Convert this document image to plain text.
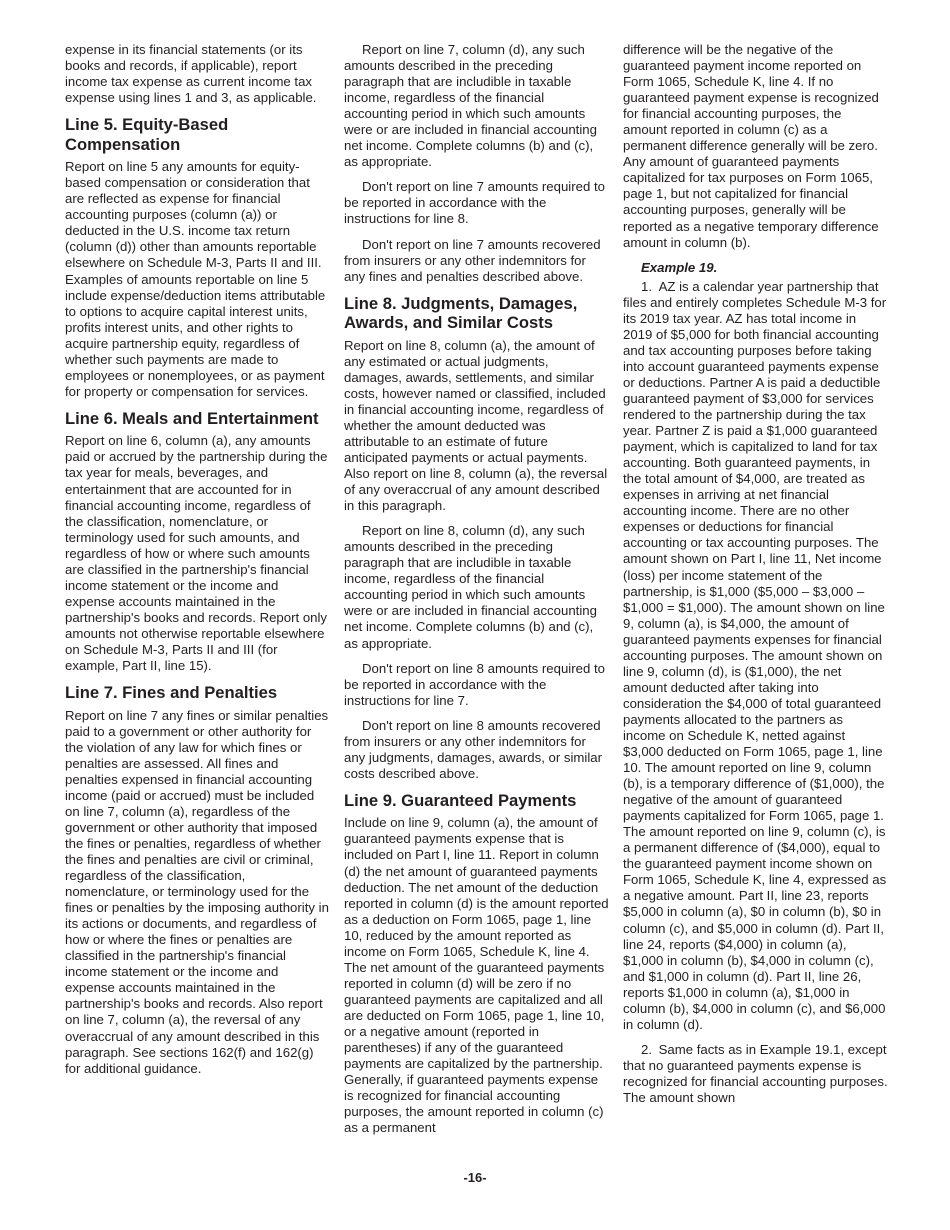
expense in its financial statements (or its books and records, if applicable), report income tax expense as current income tax expense using lines 1 and 3, as applicable.

Line 5. Equity-Based Compensation

Report on line 5 any amounts for equity-based compensation or consideration that are reflected as expense for financial accounting purposes (column (a)) or deducted in the U.S. income tax return (column (d)) other than amounts reportable elsewhere on Schedule M-3, Parts II and III. Examples of amounts reportable on line 5 include expense/deduction items attributable to options to acquire capital interest units, profits interest units, and other rights to acquire partnership equity, regardless of whether such payments are made to employees or nonemployees, or as payment for property or compensation for services.

Line 6. Meals and Entertainment

Report on line 6, column (a), any amounts paid or accrued by the partnership during the tax year for meals, beverages, and entertainment that are accounted for in financial accounting income, regardless of the classification, nomenclature, or terminology used for such amounts, and regardless of how or where such amounts are classified in the partnership's financial income statement or the income and expense accounts maintained in the partnership's books and records. Report only amounts not otherwise reportable elsewhere on Schedule M-3, Parts II and III (for example, Part II, line 15).

Line 7. Fines and Penalties

Report on line 7 any fines or similar penalties paid to a government or other authority for the violation of any law for which fines or penalties are assessed. All fines and penalties expensed in financial accounting income (paid or accrued) must be included on line 7, column (a), regardless of the government or other authority that imposed the fines or penalties, regardless of whether the fines and penalties are civil or criminal, regardless of the classification, nomenclature, or terminology used for the fines or penalties by the imposing authority in its actions or documents, and regardless of how or where the fines or penalties are classified in the partnership's financial income statement or the income and expense accounts maintained in the partnership's books and records. Also report on line 7, column (a), the reversal of any overaccrual of any amount described in this paragraph. See sections 162(f) and 162(g) for additional guidance.

Report on line 7, column (d), any such amounts described in the preceding paragraph that are includible in taxable income, regardless of the financial accounting period in which such amounts were or are included in financial accounting net income. Complete columns (b) and (c), as appropriate.

Don't report on line 7 amounts required to be reported in accordance with the instructions for line 8.

Don't report on line 7 amounts recovered from insurers or any other indemnitors for any fines and penalties described above.

Line 8. Judgments, Damages, Awards, and Similar Costs

Report on line 8, column (a), the amount of any estimated or actual judgments, damages, awards, settlements, and similar costs, however named or classified, included in financial accounting income, regardless of whether the amount deducted was attributable to an estimate of future anticipated payments or actual payments. Also report on line 8, column (a), the reversal of any overaccrual of any amount described in this paragraph.

Report on line 8, column (d), any such amounts described in the preceding paragraph that are includible in taxable income, regardless of the financial accounting period in which such amounts were or are included in financial accounting net income. Complete columns (b) and (c), as appropriate.

Don't report on line 8 amounts required to be reported in accordance with the instructions for line 7.

Don't report on line 8 amounts recovered from insurers or any other indemnitors for any judgments, damages, awards, or similar costs described above.

Line 9. Guaranteed Payments

Include on line 9, column (a), the amount of guaranteed payments expense that is included on Part I, line 11. Report in column (d) the net amount of guaranteed payments deduction. The net amount of the deduction reported in column (d) is the amount reported as a deduction on Form 1065, page 1, line 10, reduced by the amount reported as income on Form 1065, Schedule K, line 4. The net amount of the guaranteed payments reported in column (d) will be zero if no guaranteed payments are capitalized and all are deducted on Form 1065, page 1, line 10, or a negative amount (reported in parentheses) if any of the guaranteed payments are capitalized by the partnership. Generally, if guaranteed payments expense is recognized for financial accounting purposes, the amount reported in column (c) as a permanent

difference will be the negative of the guaranteed payment income reported on Form 1065, Schedule K, line 4. If no guaranteed payment expense is recognized for financial accounting purposes, the amount reported in column (c) as a permanent difference generally will be zero. Any amount of guaranteed payments capitalized for tax purposes on Form 1065, page 1, but not capitalized for financial accounting purposes, generally will be reported as a negative temporary difference amount in column (b).

Example 19.

1. AZ is a calendar year partnership that files and entirely completes Schedule M-3 for its 2019 tax year. AZ has total income in 2019 of $5,000 for both financial accounting and tax accounting purposes before taking into account guaranteed payments expense or deductions. Partner A is paid a deductible guaranteed payment of $3,000 for services rendered to the partnership during the tax year. Partner Z is paid a $1,000 guaranteed payment, which is capitalized to land for tax accounting. Both guaranteed payments, in the total amount of $4,000, are treated as expenses in arriving at net financial accounting income. There are no other expenses or deductions for financial accounting or tax accounting purposes. The amount shown on Part I, line 11, Net income (loss) per income statement of the partnership, is $1,000 ($5,000 – $3,000 – $1,000 = $1,000). The amount shown on line 9, column (a), is $4,000, the amount of guaranteed payments expenses for financial accounting purposes. The amount shown on line 9, column (d), is ($1,000), the net amount deducted after taking into consideration the $4,000 of total guaranteed payments allocated to the partners as income on Schedule K, netted against $3,000 deducted on Form 1065, page 1, line 10. The amount reported on line 9, column (b), is a temporary difference of ($1,000), the negative of the amount of guaranteed payments capitalized for Form 1065, page 1. The amount reported on line 9, column (c), is a permanent difference of ($4,000), equal to the guaranteed payment income shown on Form 1065, Schedule K, line 4, expressed as a negative amount. Part II, line 23, reports $5,000 in column (a), $0 in column (b), $0 in column (c), and $5,000 in column (d). Part II, line 24, reports ($4,000) in column (a), $1,000 in column (b), $4,000 in column (c), and $1,000 in column (d). Part II, line 26, reports $1,000 in column (a), $1,000 in column (b), $4,000 in column (c), and $6,000 in column (d).

2. Same facts as in Example 19.1, except that no guaranteed payments expense is recognized for financial accounting purposes. The amount shown

-16-
